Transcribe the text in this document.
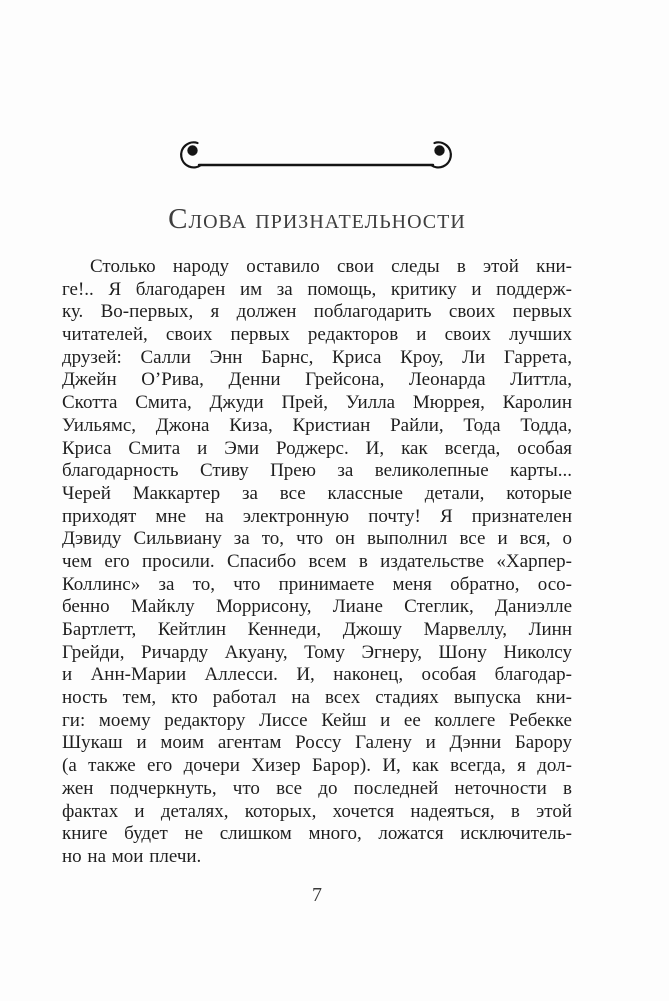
Слова признательности
Столько народу оставило свои следы в этой кни-
ге!.. Я благодарен им за помощь, критику и поддерж-
ку. Во-первых, я должен поблагодарить своих первых
читателей, своих первых редакторов и своих лучших
друзей: Салли Энн Барнс, Криса Кроу, Ли Гаррета,
Джейн О’Рива, Денни Грейсона, Леонарда Литтла,
Скотта Смита, Джуди Прей, Уилла Мюррея, Каролин
Уильямс, Джона Киза, Кристиан Райли, Тода Тодда,
Криса Смита и Эми Роджерс. И, как всегда, особая
благодарность Стиву Прею за великолепные карты...
Черей Маккартер за все классные детали, которые
приходят мне на электронную почту! Я признателен
Дэвиду Сильвиану за то, что он выполнил все и вся, о
чем его просили. Спасибо всем в издательстве «Харпер-
Коллинс» за то, что принимаете меня обратно, осо-
бенно Майклу Моррисону, Лиане Стеглик, Даниэлле
Бартлетт, Кейтлин Кеннеди, Джошу Марвеллу, Линн
Грейди, Ричарду Акуану, Тому Эгнеру, Шону Николсу
и Анн-Марии Аллесси. И, наконец, особая благодар-
ность тем, кто работал на всех стадиях выпуска кни-
ги: моему редактору Лиссе Кейш и ее коллеге Ребекке
Шукаш и моим агентам Россу Галену и Дэнни Барору
(а также его дочери Хизер Барор). И, как всегда, я дол-
жен подчеркнуть, что все до последней неточности в
фактах и деталях, которых, хочется надеяться, в этой
книге будет не слишком много, ложатся исключитель-
но на мои плечи.
7
